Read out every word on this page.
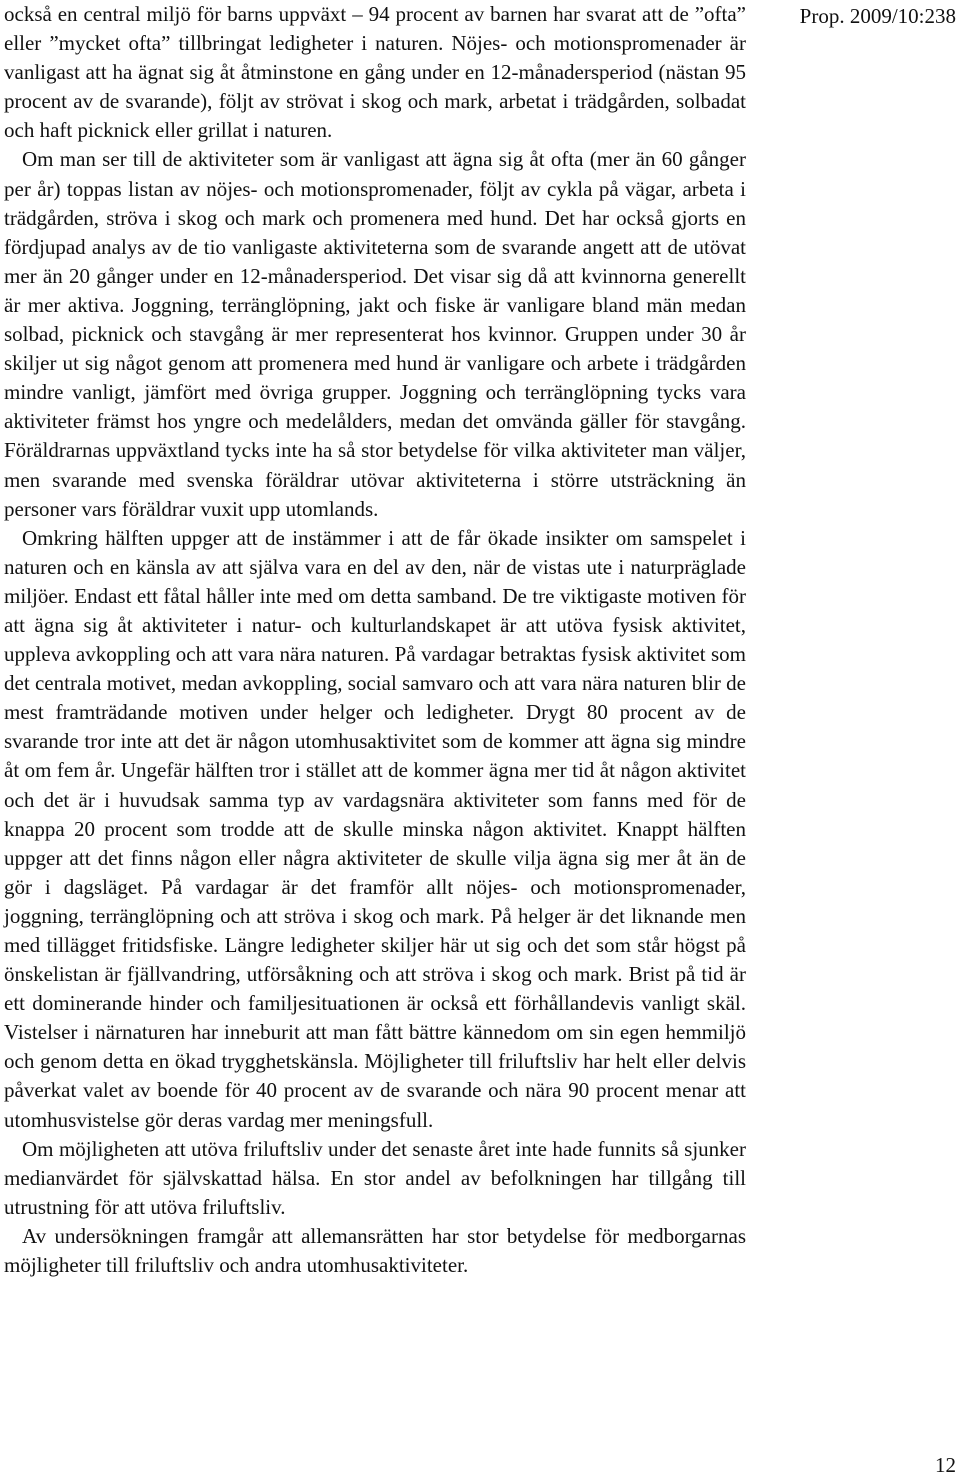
Prop. 2009/10:238

också en central miljö för barns uppväxt – 94 procent av barnen har svarat att de ”ofta” eller ”mycket ofta” tillbringat ledigheter i naturen. Nöjes- och motionspromenader är vanligast att ha ägnat sig åt åtminstone en gång under en 12-månadersperiod (nästan 95 procent av de svarande), följt av strövat i skog och mark, arbetat i trädgården, solbadat och haft picknick eller grillat i naturen.

Om man ser till de aktiviteter som är vanligast att ägna sig åt ofta (mer än 60 gånger per år) toppas listan av nöjes- och motionspromenader, följt av cykla på vägar, arbeta i trädgården, ströva i skog och mark och promenera med hund. Det har också gjorts en fördjupad analys av de tio vanligaste aktiviteterna som de svarande angett att de utövat mer än 20 gånger under en 12-månadersperiod. Det visar sig då att kvinnorna generellt är mer aktiva. Joggning, terränglöpning, jakt och fiske är vanligare bland män medan solbad, picknick och stavgång är mer representerat hos kvinnor. Gruppen under 30 år skiljer ut sig något genom att promenera med hund är vanligare och arbete i trädgården mindre vanligt, jämfört med övriga grupper. Joggning och terränglöpning tycks vara aktiviteter främst hos yngre och medelålders, medan det omvända gäller för stavgång. Föräldrarnas uppväxtland tycks inte ha så stor betydelse för vilka aktiviteter man väljer, men svarande med svenska föräldrar utövar aktiviteterna i större utsträckning än personer vars föräldrar vuxit upp utomlands.

Omkring hälften uppger att de instämmer i att de får ökade insikter om samspelet i naturen och en känsla av att själva vara en del av den, när de vistas ute i naturpräglade miljöer. Endast ett fåtal håller inte med om detta samband. De tre viktigaste motiven för att ägna sig åt aktiviteter i natur- och kulturlandskapet är att utöva fysisk aktivitet, uppleva avkoppling och att vara nära naturen. På vardagar betraktas fysisk aktivitet som det centrala motivet, medan avkoppling, social samvaro och att vara nära naturen blir de mest framträdande motiven under helger och ledigheter. Drygt 80 procent av de svarande tror inte att det är någon utomhusaktivitet som de kommer att ägna sig mindre åt om fem år. Ungefär hälften tror i stället att de kommer ägna mer tid åt någon aktivitet och det är i huvudsak samma typ av vardagsnära aktiviteter som fanns med för de knappa 20 procent som trodde att de skulle minska någon aktivitet. Knappt hälften uppger att det finns någon eller några aktiviteter de skulle vilja ägna sig mer åt än de gör i dagsläget. På vardagar är det framför allt nöjes- och motionspromenader, joggning, terränglöpning och att ströva i skog och mark. På helger är det liknande men med tillägget fritidsfiske. Längre ledigheter skiljer här ut sig och det som står högst på önskelistan är fjällvandring, utförsåkning och att ströva i skog och mark. Brist på tid är ett dominerande hinder och familjesituationen är också ett förhållandevis vanligt skäl. Vistelser i närnaturen har inneburit att man fått bättre kännedom om sin egen hemmiljö och genom detta en ökad trygghetskänsla. Möjligheter till friluftsliv har helt eller delvis påverkat valet av boende för 40 procent av de svarande och nära 90 procent menar att utomhusvistelse gör deras vardag mer meningsfull.

Om möjligheten att utöva friluftsliv under det senaste året inte hade funnits så sjunker medianvärdet för självskattad hälsa. En stor andel av befolkningen har tillgång till utrustning för att utöva friluftsliv.

Av undersökningen framgår att allemansrätten har stor betydelse för medborgarnas möjligheter till friluftsliv och andra utomhusaktiviteter.

12
